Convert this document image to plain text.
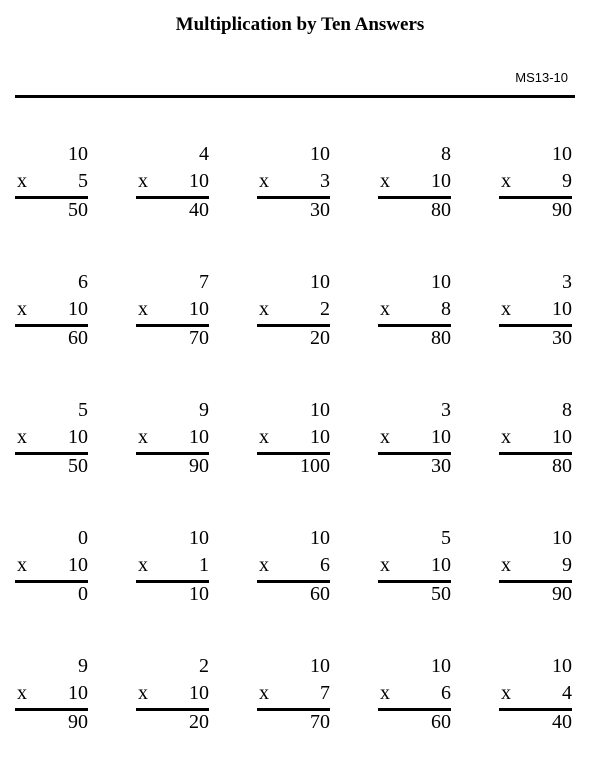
Multiplication by Ten Answers
MS13-10
10
x	5
50
4
x 10
40
10
x	3
30
8
x 10
80
10
x	9
90
6
x 10
60
7
x 10
70
10
x	2
20
10
x	8
80
3
x 10
30
5
x 10
50
9
x 10
90
10
x 10
100
3
x 10
30
8
x 10
80
0
x 10
0
10
x	1
10
10
x	6
60
5
x 10
50
10
x	9
90
9
x 10
90
2
x 10
20
10
x	7
70
10
x	6
60
10
x	4
40
